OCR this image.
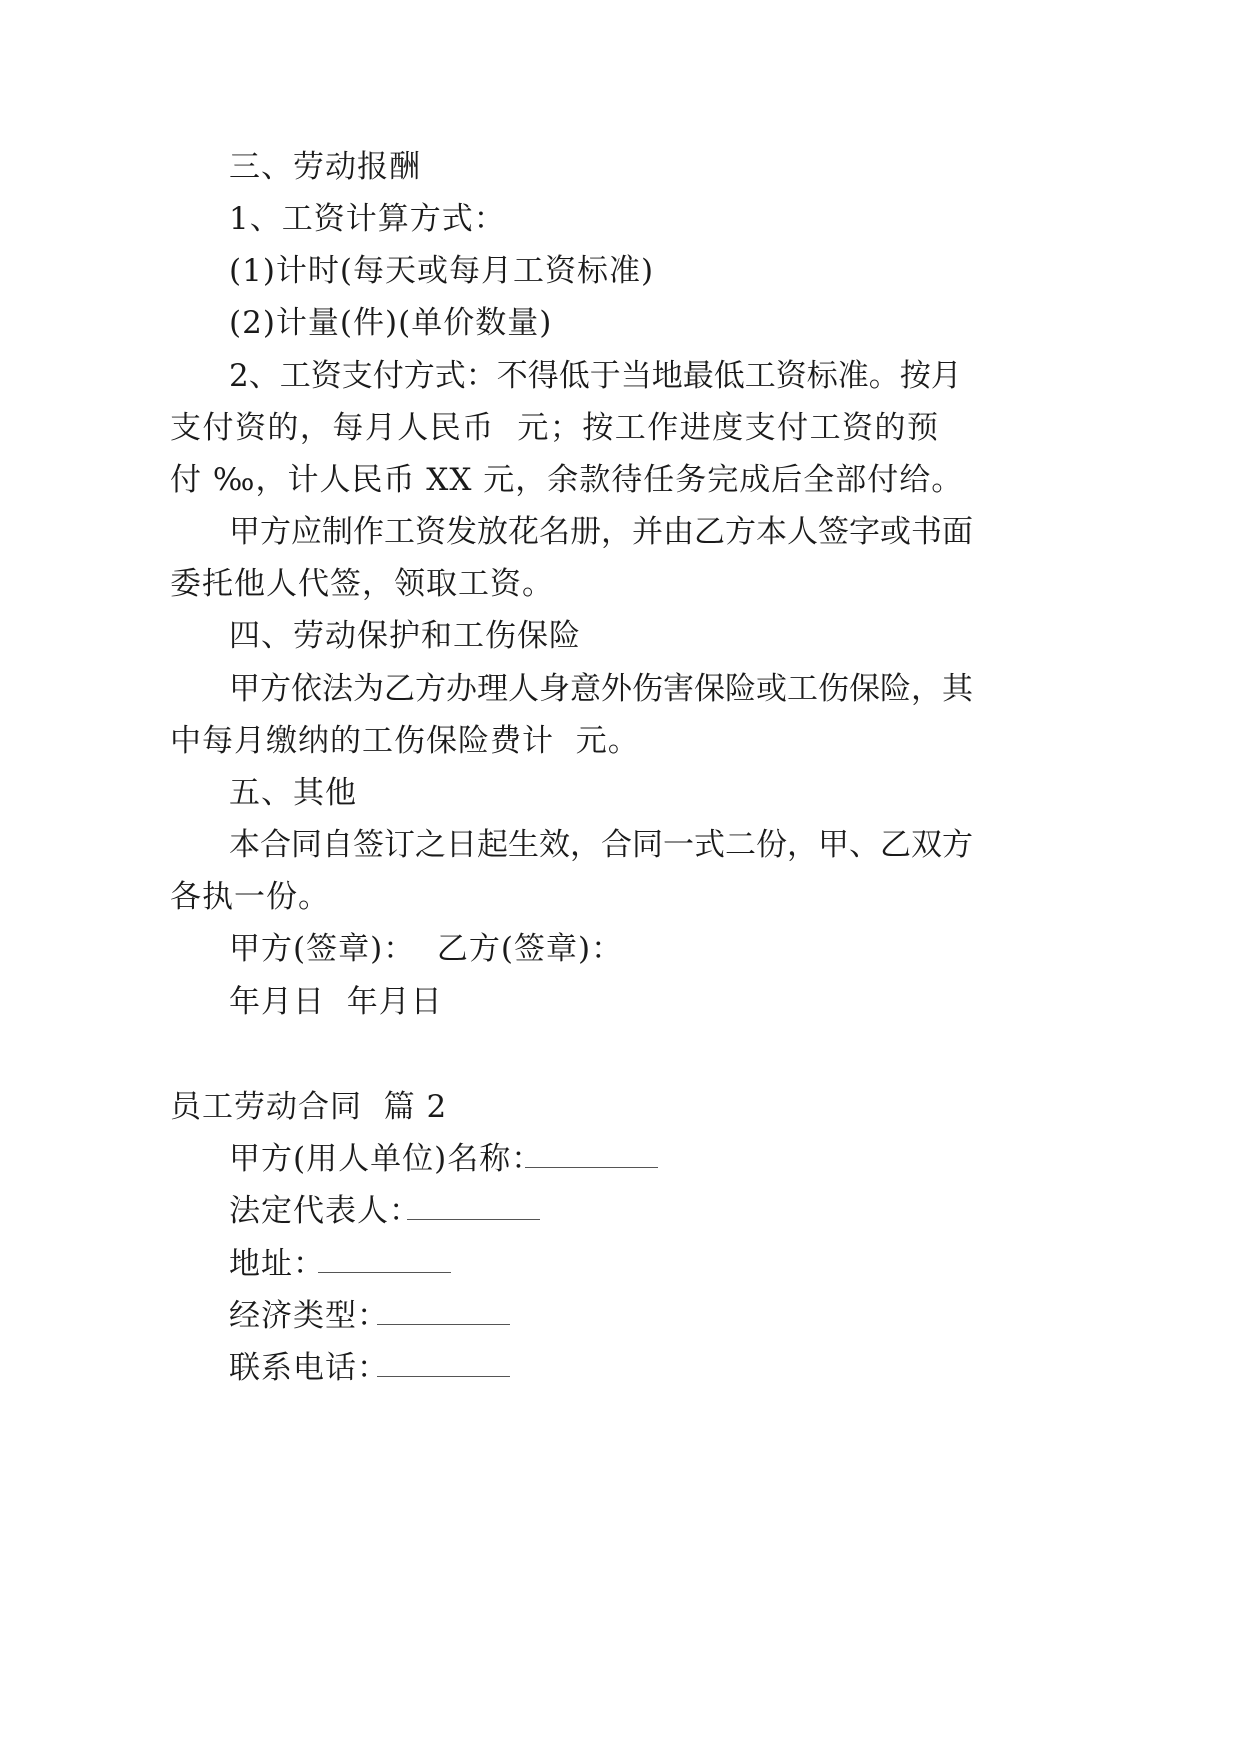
三、劳动报酬
1、工资计算方式：
(1)计时(每天或每月工资标准)
(2)计量(件)(单价数量)
2、工资支付方式：不得低于当地最低工资标准。按月
支付资的，每月人民币  元；按工作进度支付工资的预
付 ‰，计人民币 XX 元，余款待任务完成后全部付给。
甲方应制作工资发放花名册，并由乙方本人签字或书面
委托他人代签，领取工资。
四、劳动保护和工伤保险
甲方依法为乙方办理人身意外伤害保险或工伤保险，其
中每月缴纳的工伤保险费计  元。
五、其他
本合同自签订之日起生效，合同一式二份，甲、乙双方
各执一份。
甲方(签章)：  乙方(签章)：
年月日  年月日
员工劳动合同  篇 2
甲方(用人单位)名称：
法定代表人：
地址：
经济类型：
联系电话：
